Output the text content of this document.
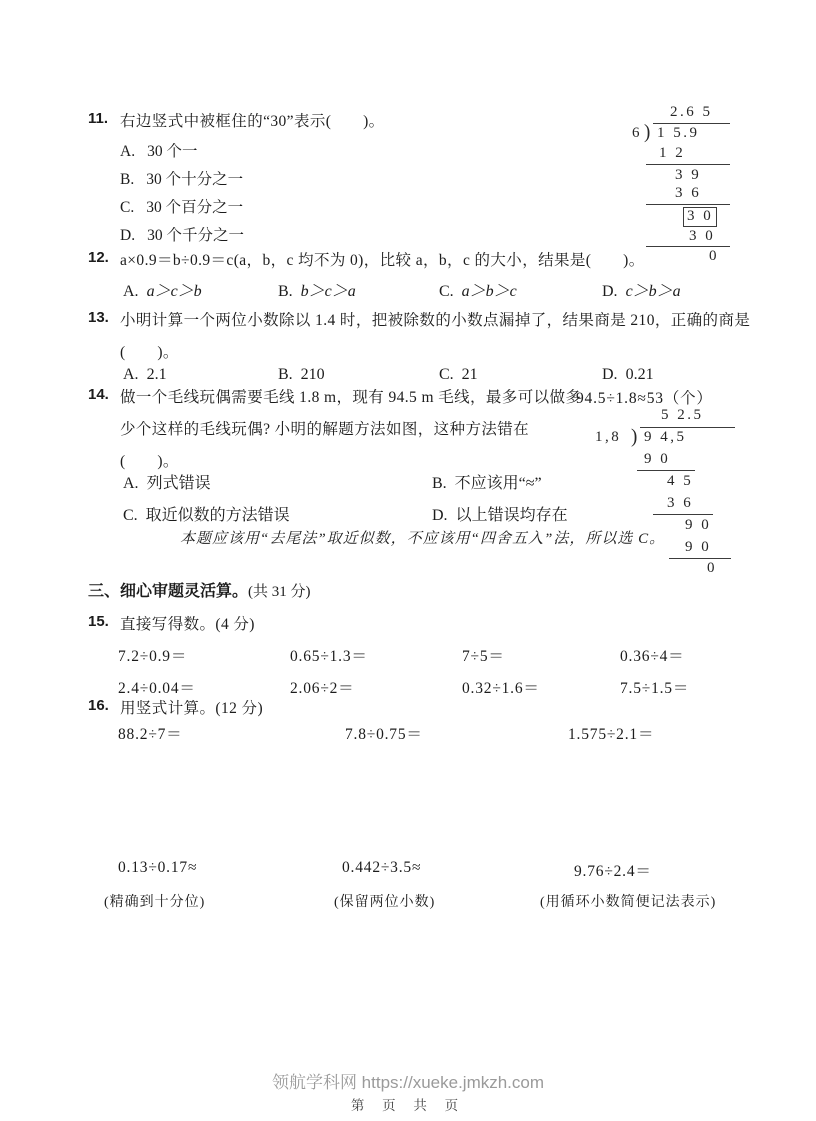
11. 右边竖式中被框住的“30”表示(　　)。
A. 30 个一
B. 30 个十分之一
C. 30 个百分之一
D. 30 个千分之一
2.6 5
6 ) 1 5.9
1 2
3 9
3 6
3 0
3 0
0
12. a×0.9＝b÷0.9＝c(a，b，c 均不为 0)，比较 a，b，c 的大小，结果是(　　)。
A. a＞c＞b	B. b＞c＞a	C. a＞b＞c	D. c＞b＞a
13. 小明计算一个两位小数除以 1.4 时，把被除数的小数点漏掉了，结果商是 210，正确的商是
(　　)。
A. 2.1	B. 210	C. 21	D. 0.21
14. 做一个毛线玩偶需要毛线 1.8 m，现有 94.5 m 毛线，最多可以做多
少个这样的毛线玩偶? 小明的解题方法如图，这种方法错在
(　　)。
A. 列式错误	B. 不应该用“≈”
C. 取近似数的方法错误	D. 以上错误均存在
94.5÷1.8≈53（个）
5 2.5
1,8 ) 9 4,5
9 0
4 5
3 6
9 0
9 0
0
本题应该用“去尾法”取近似数，不应该用“四舍五入”法，所以选 C。
三、细心审题灵活算。(共 31 分)
15. 直接写得数。(4 分)
7.2÷0.9＝	0.65÷1.3＝	7÷5＝	0.36÷4＝
2.4÷0.04＝	2.06÷2＝	0.32÷1.6＝	7.5÷1.5＝
16. 用竖式计算。(12 分)
88.2÷7＝	7.8÷0.75＝	1.575÷2.1＝
0.13÷0.17≈	0.442÷3.5≈	9.76÷2.4＝
(精确到十分位)	(保留两位小数)	(用循环小数简便记法表示)
领航学科网 https://xueke.jmkzh.com
第 页 共 页
